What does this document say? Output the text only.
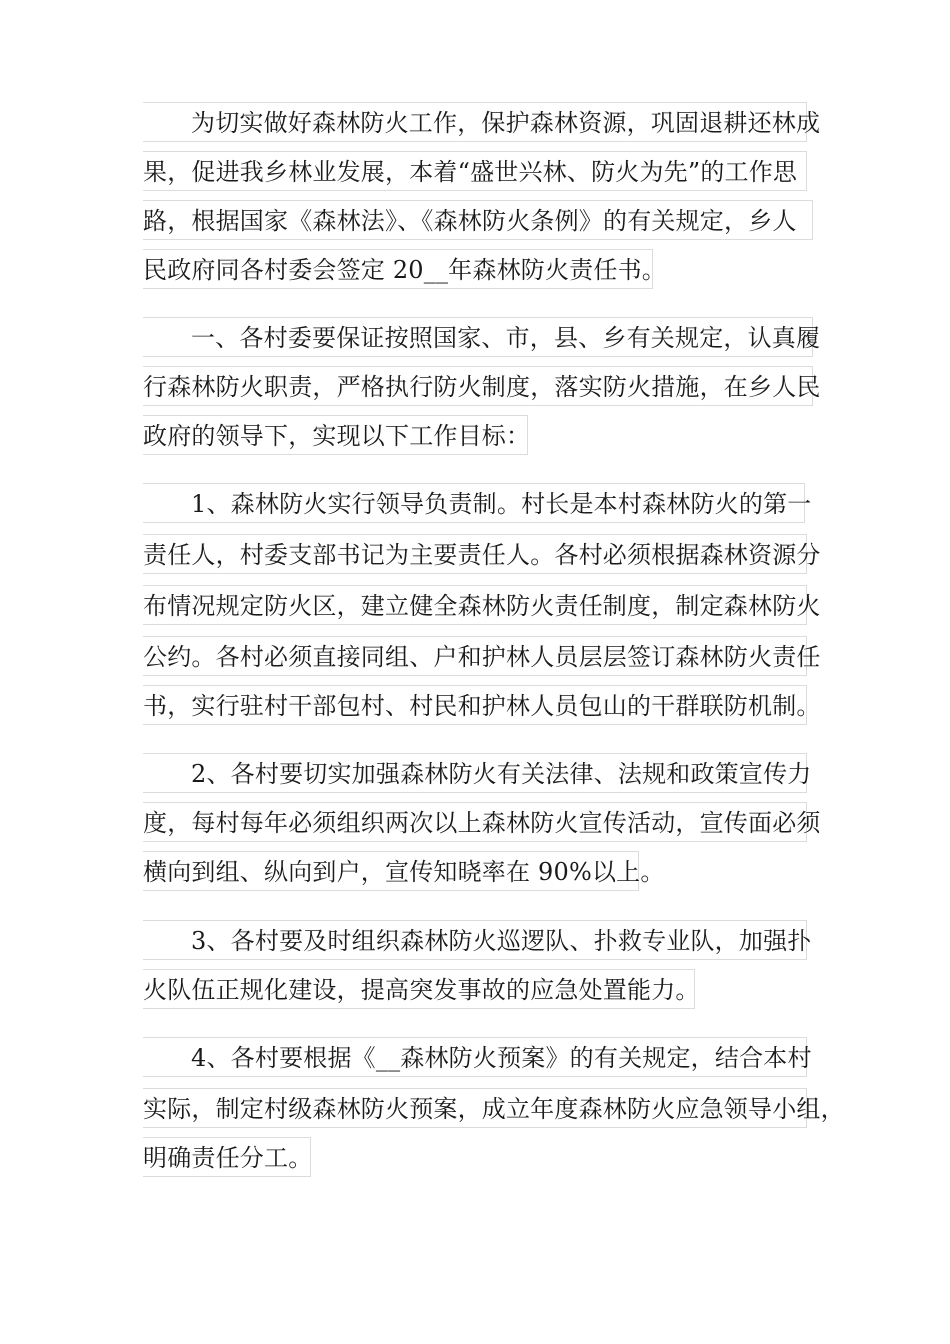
为切实做好森林防火工作，保护森林资源，巩固退耕还林成
果，促进我乡林业发展，本着“盛世兴林、防火为先”的工作思
路，根据国家《森林法》、《森林防火条例》的有关规定，乡人
民政府同各村委会签定 20__年森林防火责任书。
一、各村委要保证按照国家、市，县、乡有关规定，认真履
行森林防火职责，严格执行防火制度，落实防火措施，在乡人民
政府的领导下，实现以下工作目标：
1、森林防火实行领导负责制。村长是本村森林防火的第一
责任人，村委支部书记为主要责任人。各村必须根据森林资源分
布情况规定防火区，建立健全森林防火责任制度，制定森林防火
公约。各村必须直接同组、户和护林人员层层签订森林防火责任
书，实行驻村干部包村、村民和护林人员包山的干群联防机制。
2、各村要切实加强森林防火有关法律、法规和政策宣传力
度，每村每年必须组织两次以上森林防火宣传活动，宣传面必须
横向到组、纵向到户，宣传知晓率在 90%以上。
3、各村要及时组织森林防火巡逻队、扑救专业队，加强扑
火队伍正规化建设，提高突发事故的应急处置能力。
4、各村要根据《__森林防火预案》的有关规定，结合本村
实际，制定村级森林防火预案，成立年度森林防火应急领导小组，
明确责任分工。
